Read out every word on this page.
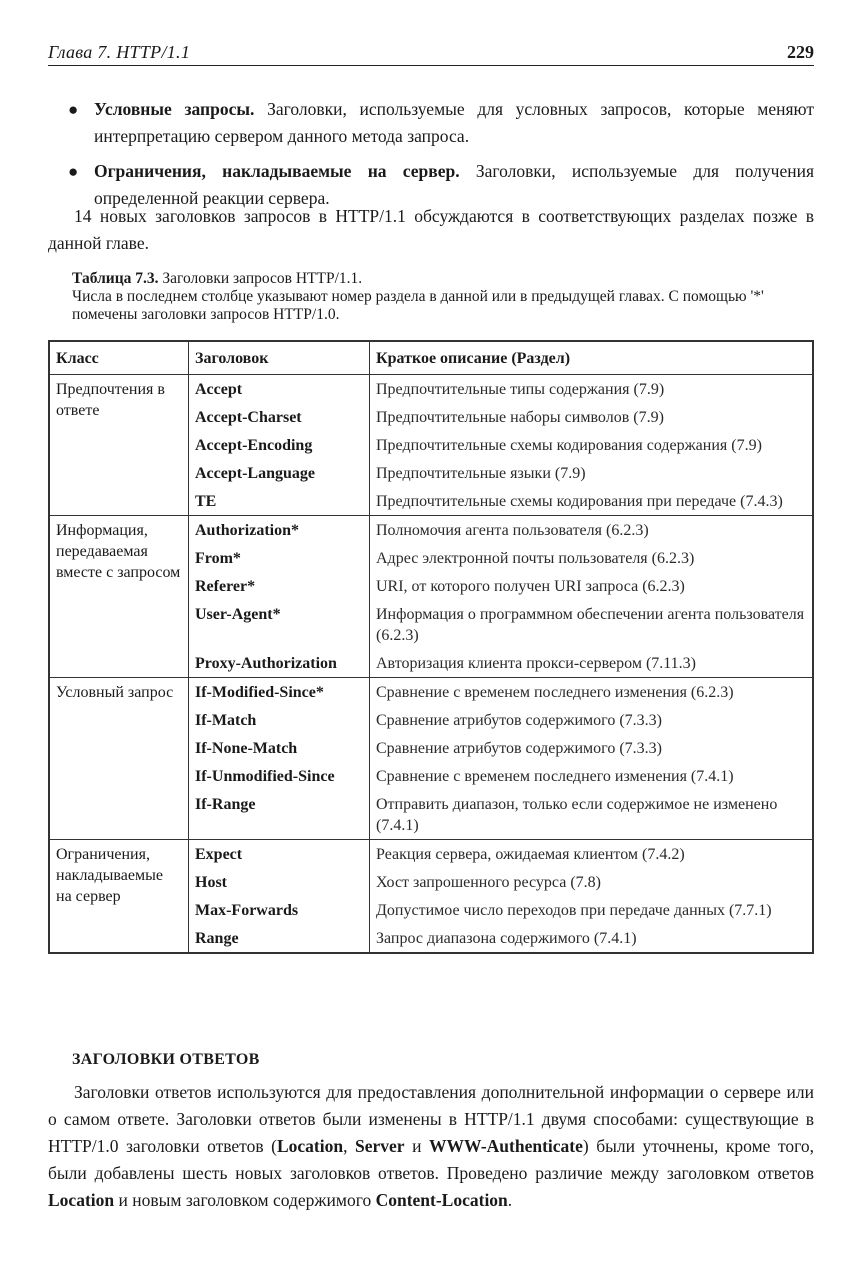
Глава 7. HTTP/1.1	229
● Условные запросы. Заголовки, используемые для условных запросов, которые меняют интерпретацию сервером данного метода запроса.
● Ограничения, накладываемые на сервер. Заголовки, используемые для получения определенной реакции сервера.

14 новых заголовков запросов в HTTP/1.1 обсуждаются в соответствующих разделах позже в данной главе.

Таблица 7.3. Заголовки запросов HTTP/1.1.
Числа в последнем столбце указывают номер раздела в данной или в предыдущей главах. С помощью '*' помечены заголовки запросов HTTP/1.0.
Класс	Заголовок	Краткое описание (Раздел)
Предпочтения в ответе	Accept	Предпочтительные типы содержания (7.9)
	Accept-Charset	Предпочтительные наборы символов (7.9)
	Accept-Encoding	Предпочтительные схемы кодирования содержания (7.9)
	Accept-Language	Предпочтительные языки (7.9)
	TE	Предпочтительные схемы кодирования при передаче (7.4.3)
Информация, передаваемая вместе с запросом	Authorization*	Полномочия агента пользователя (6.2.3)
	From*	Адрес электронной почты пользователя (6.2.3)
	Referer*	URI, от которого получен URI запроса (6.2.3)
	User-Agent*	Информация о программном обеспечении агента пользователя (6.2.3)
	Proxy-Authorization	Авторизация клиента прокси-сервером (7.11.3)
Условный запрос	If-Modified-Since*	Сравнение с временем последнего изменения (6.2.3)
	If-Match	Сравнение атрибутов содержимого (7.3.3)
	If-None-Match	Сравнение атрибутов содержимого (7.3.3)
	If-Unmodified-Since	Сравнение с временем последнего изменения (7.4.1)
	If-Range	Отправить диапазон, только если содержимое не изменено (7.4.1)
Ограничения, накладываемые на сервер	Expect	Реакция сервера, ожидаемая клиентом (7.4.2)
	Host	Хост запрошенного ресурса (7.8)
	Max-Forwards	Допустимое число переходов при передаче данных (7.7.1)
	Range	Запрос диапазона содержимого (7.4.1)
ЗАГОЛОВКИ ОТВЕТОВ

Заголовки ответов используются для предоставления дополнительной информации о сервере или о самом ответе. Заголовки ответов были изменены в HTTP/1.1 двумя способами: существующие в HTTP/1.0 заголовки ответов (Location, Server и WWW-Authenticate) были уточнены, кроме того, были добавлены шесть новых заголовков ответов. Проведено различие между заголовком ответов Location и новым заголовком содержимого Content-Location.
